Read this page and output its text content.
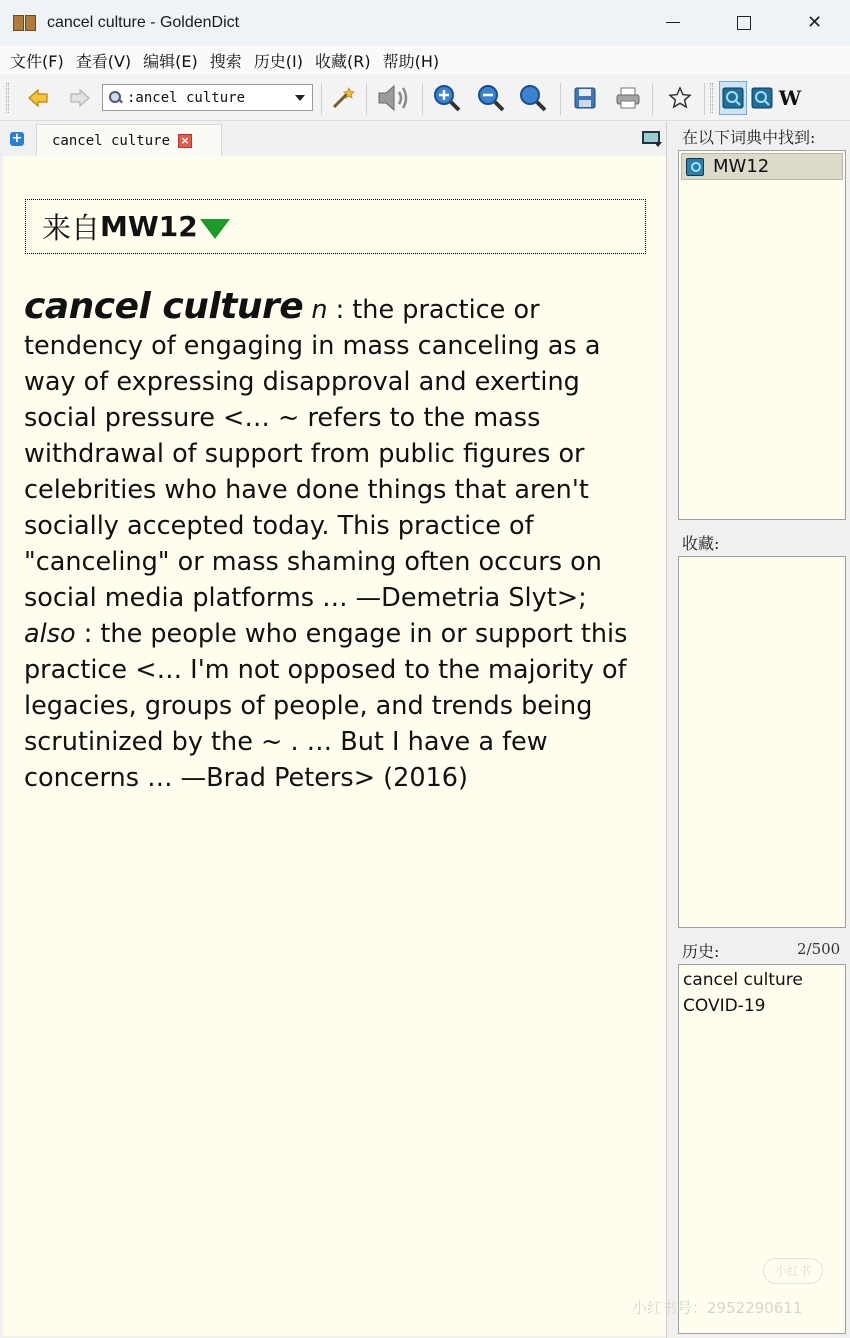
cancel culture - GoldenDict	✕
文件(F) 查看(V) 编辑(E) 搜索 历史(I) 收藏(R) 帮助(H)
:ancel culture
W
+ cancel culture ×
来自 MW12
cancel culture n : the practice or tendency of engaging in mass canceling as a way of expressing disapproval and exerting social pressure <… ~ refers to the mass withdrawal of support from public figures or celebrities who have done things that aren't socially accepted today. This practice of "canceling" or mass shaming often occurs on social media platforms … —Demetria Slyt>; also : the people who engage in or support this practice <… I'm not opposed to the majority of legacies, groups of people, and trends being scrutinized by the ~ . … But I have a few concerns … —Brad Peters> (2016)
在以下词典中找到:
MW12
收藏:
历史:	2/500
cancel culture
COVID-19
小红书
小红书号：2952290611
